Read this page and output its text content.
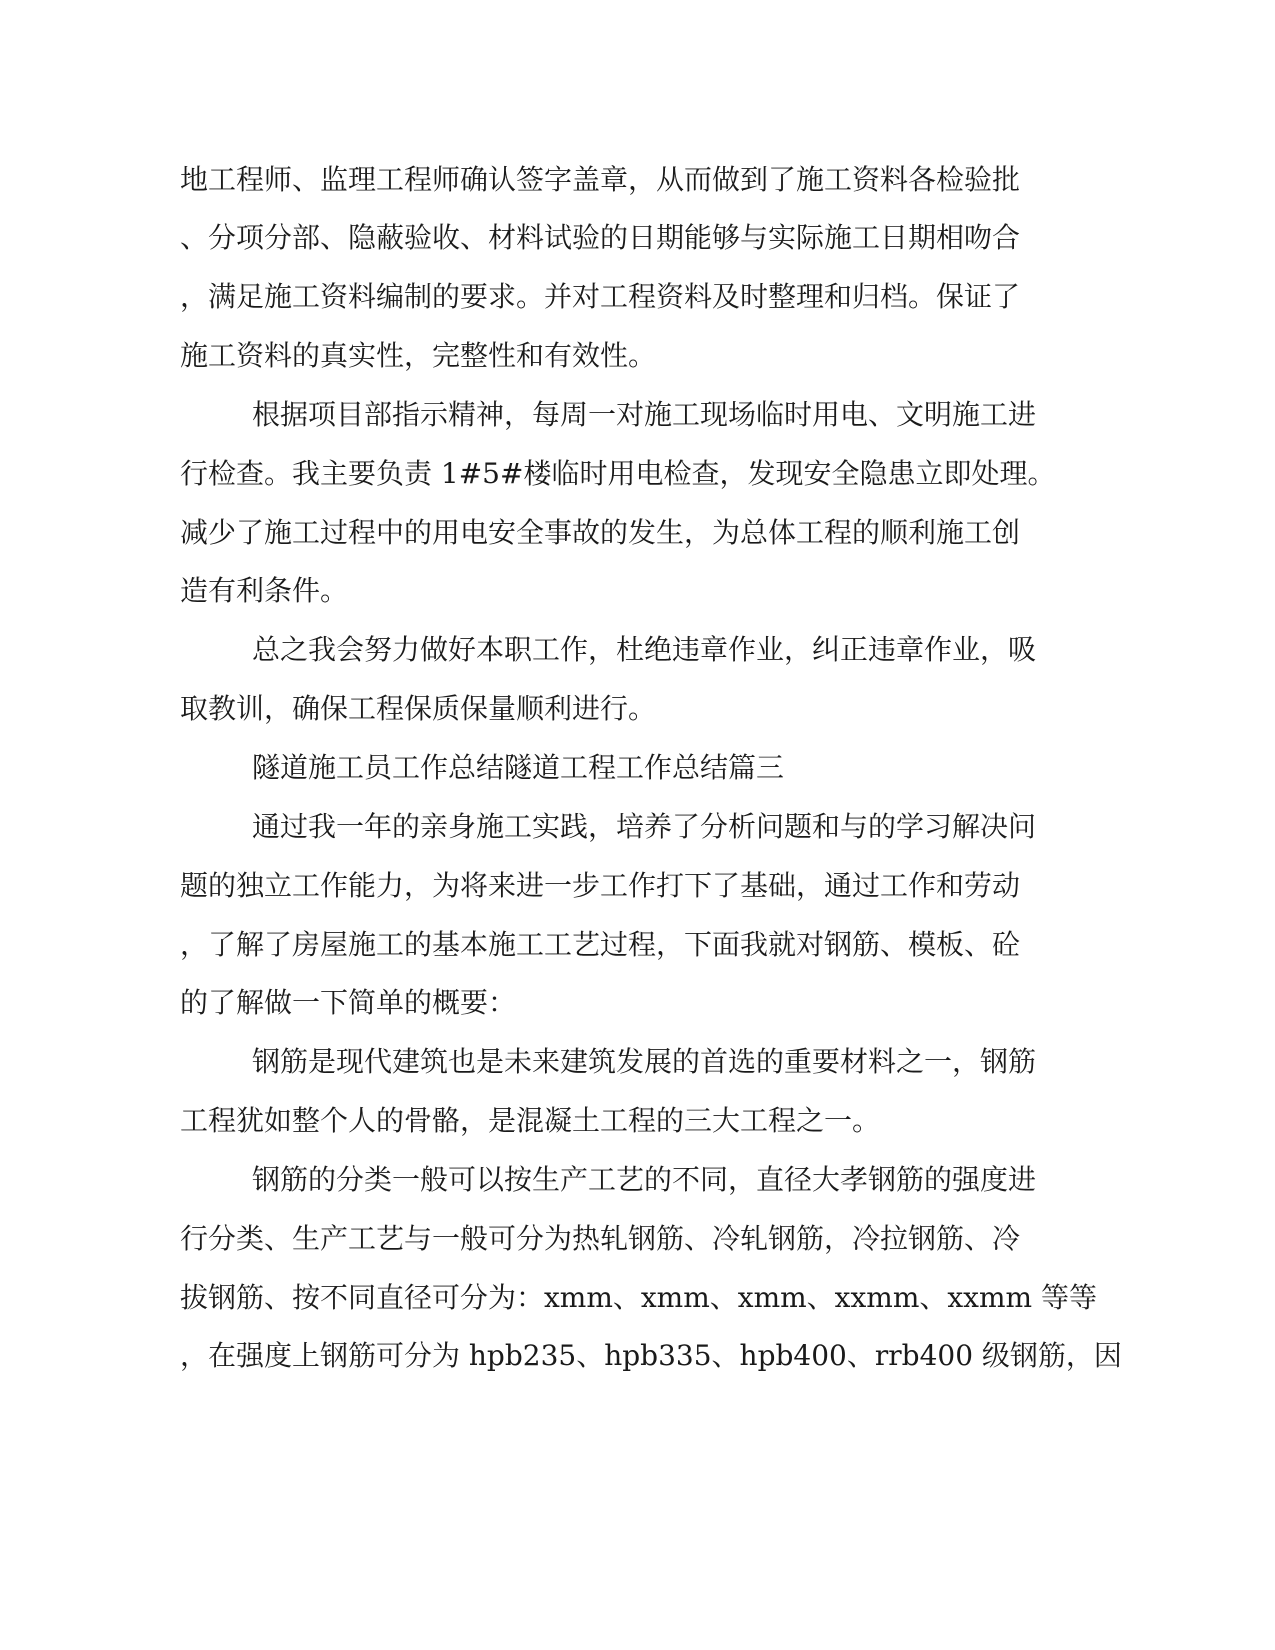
地工程师、监理工程师确认签字盖章，从而做到了施工资料各检验批
、分项分部、隐蔽验收、材料试验的日期能够与实际施工日期相吻合
，满足施工资料编制的要求。并对工程资料及时整理和归档。保证了
施工资料的真实性，完整性和有效性。
根据项目部指示精神，每周一对施工现场临时用电、文明施工进
行检查。我主要负责 1#5#楼临时用电检查，发现安全隐患立即处理。
减少了施工过程中的用电安全事故的发生，为总体工程的顺利施工创
造有利条件。
总之我会努力做好本职工作，杜绝违章作业，纠正违章作业，吸
取教训，确保工程保质保量顺利进行。
隧道施工员工作总结隧道工程工作总结篇三
通过我一年的亲身施工实践，培养了分析问题和与的学习解决问
题的独立工作能力，为将来进一步工作打下了基础，通过工作和劳动
，了解了房屋施工的基本施工工艺过程，下面我就对钢筋、模板、砼
的了解做一下简单的概要：
钢筋是现代建筑也是未来建筑发展的首选的重要材料之一，钢筋
工程犹如整个人的骨骼，是混凝土工程的三大工程之一。
钢筋的分类一般可以按生产工艺的不同，直径大孝钢筋的强度进
行分类、生产工艺与一般可分为热轧钢筋、冷轧钢筋，冷拉钢筋、冷
拔钢筋、按不同直径可分为：xmm、xmm、xmm、xxmm、xxmm 等等
，在强度上钢筋可分为 hpb235、hpb335、hpb400、rrb400 级钢筋，因
